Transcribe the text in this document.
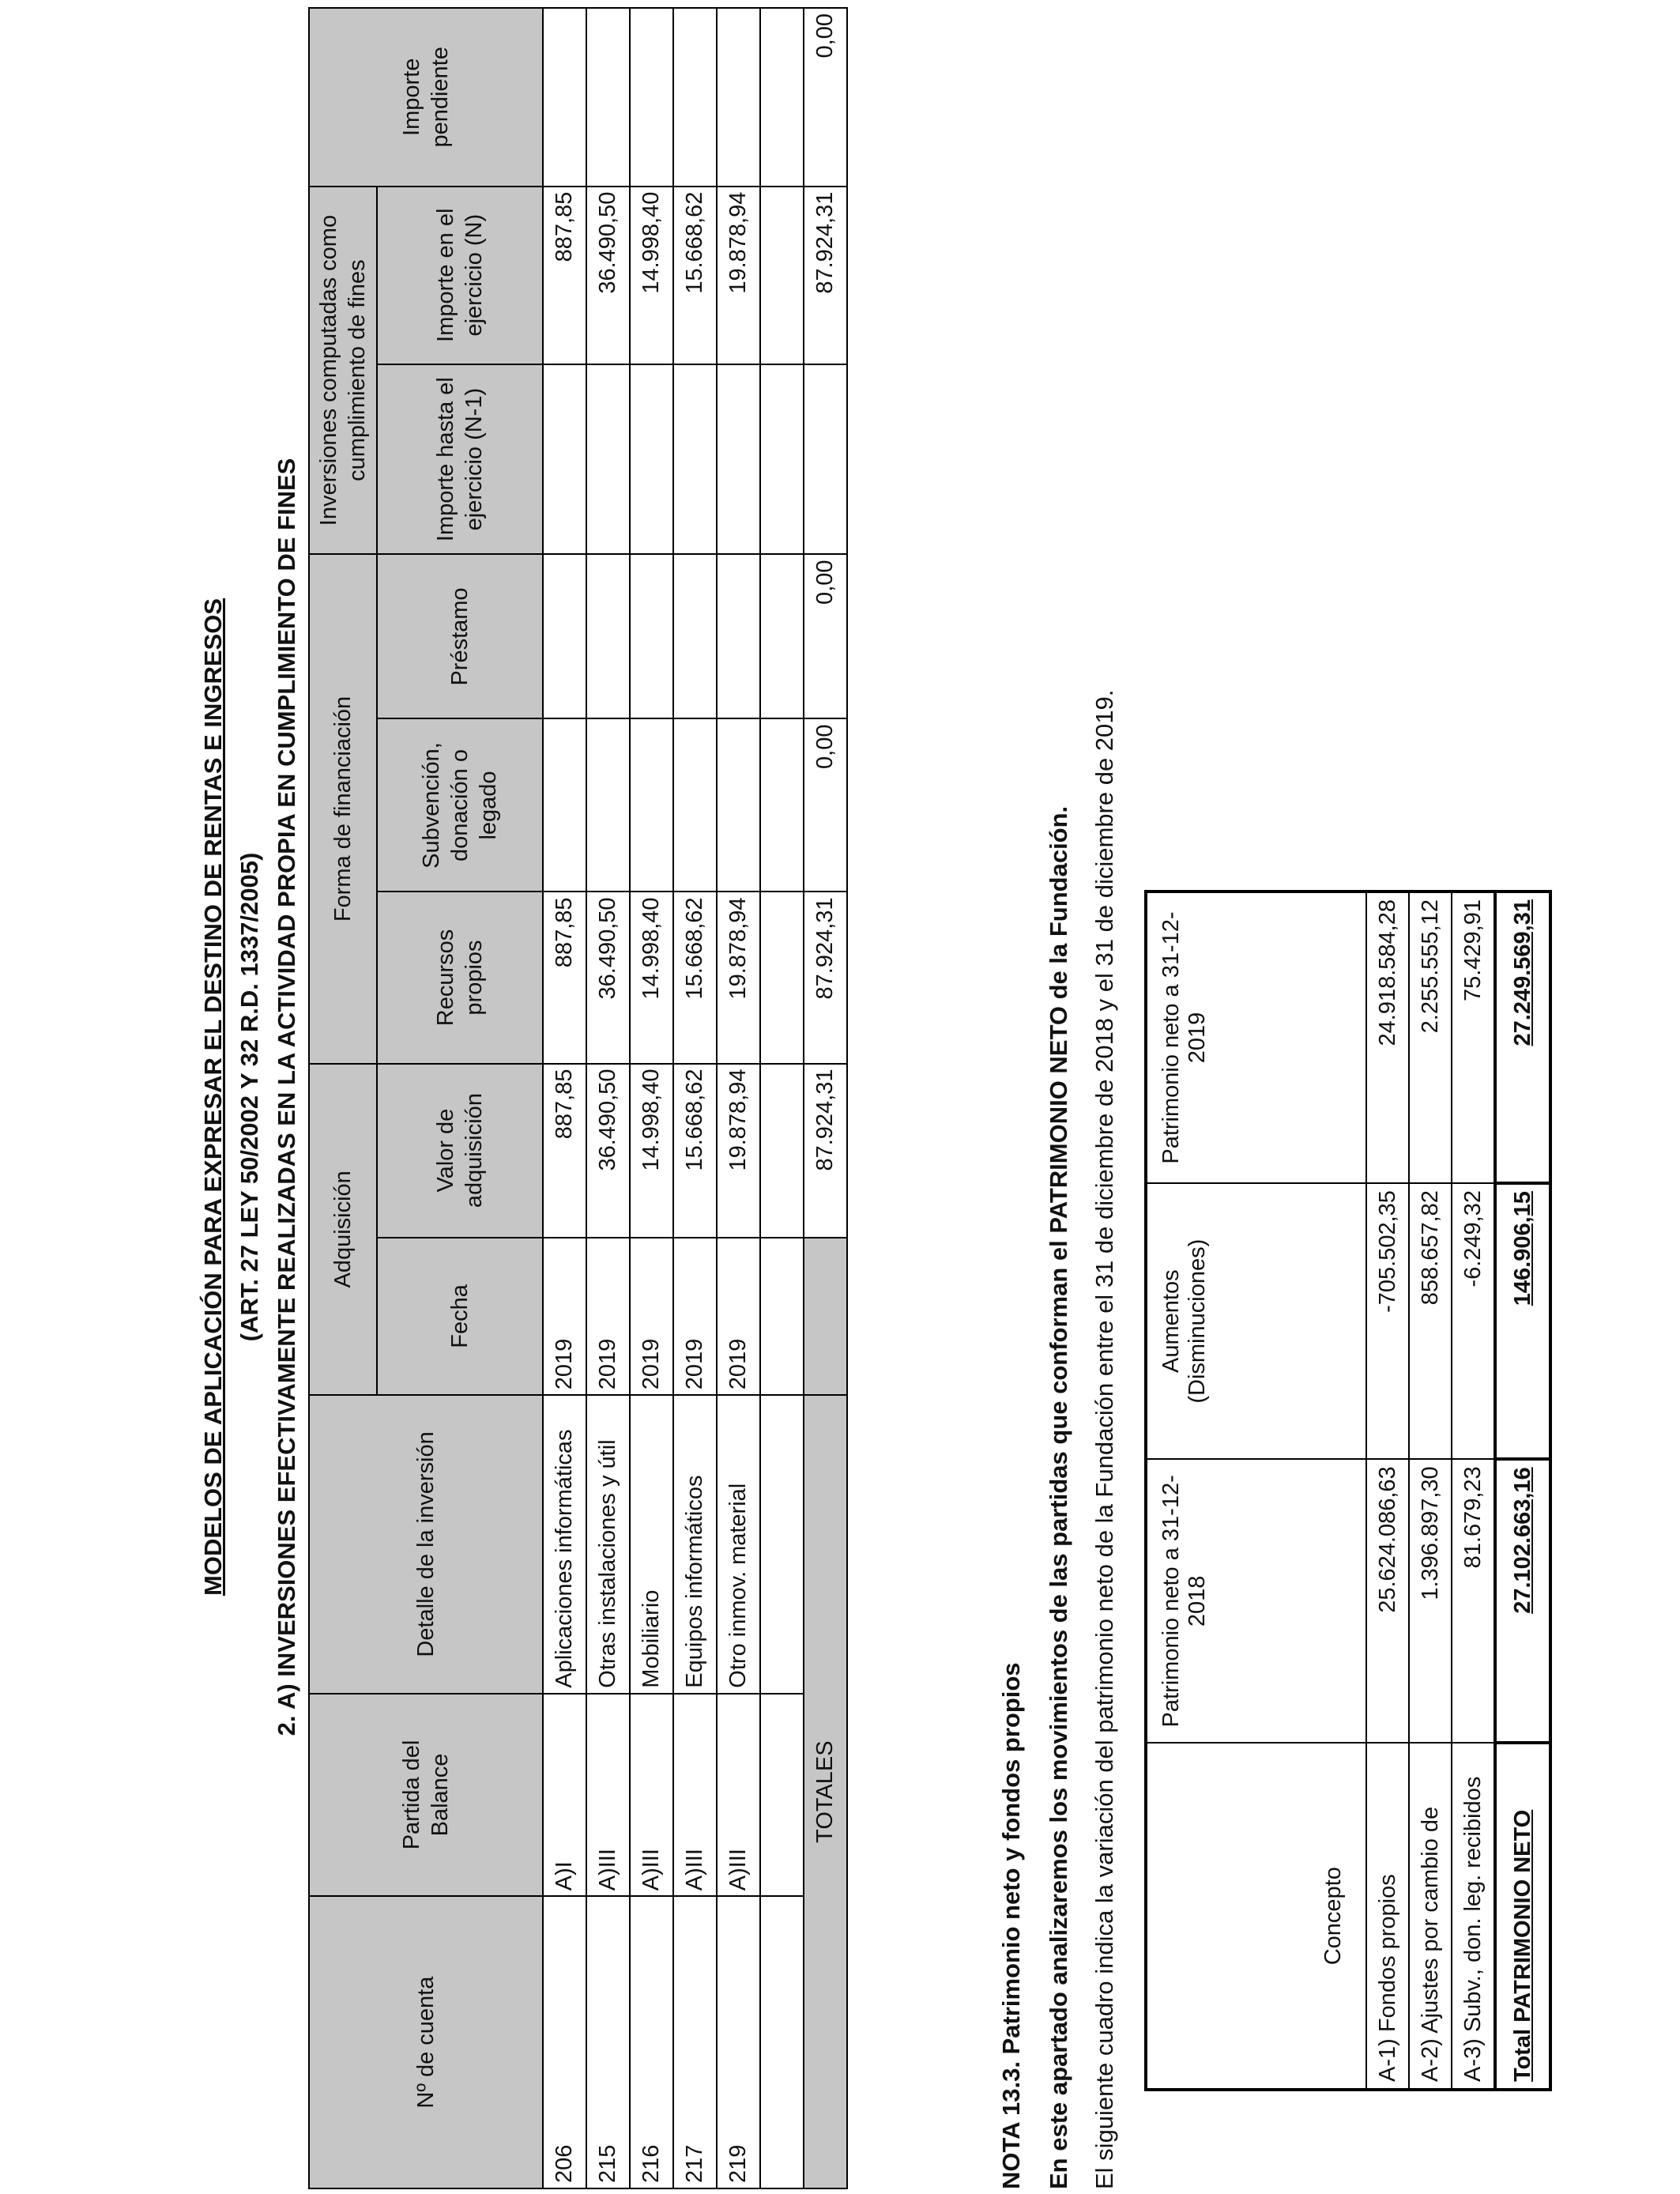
MODELOS DE APLICACIÓN PARA EXPRESAR EL DESTINO DE RENTAS E INGRESOS (ART. 27 LEY 50/2002 Y 32 R.D. 1337/2005) 2. A) INVERSIONES EFECTIVAMENTE REALIZADAS EN LA ACTIVIDAD PROPIA EN CUMPLIMIENTO DE FINES
Nº de cuenta	Partida del Balance	Detalle de la inversión	Adquisición		Forma de financiación			Inversiones computadas como cumplimiento de fines		Importe pendiente
			Fecha	Valor de adquisición	Recursos propios	Subvención, donación o legado	Préstamo	Importe hasta el ejercicio (N-1)	Importe en el ejercicio (N)	
206	A)I	Aplicaciones informáticas	2019	887,85	887,85				887,85	
215	A)III	Otras instalaciones y útil	2019	36.490,50	36.490,50				36.490,50	
216	A)III	Mobiliario	2019	14.998,40	14.998,40				14.998,40	
217	A)III	Equipos informáticos	2019	15.668,62	15.668,62				15.668,62	
219	A)III	Otro inmov. material	2019	19.878,94	19.878,94				19.878,94	

TOTALES				87.924,31	87.924,31	0,00	0,00		87.924,31	0,00
NOTA 13.3. Patrimonio neto y fondos propios En este apartado analizaremos los movimientos de las partidas que conforman el PATRIMONIO NETO de la Fundación. El siguiente cuadro indica la variación del patrimonio neto de la Fundación entre el 31 de diciembre de 2018 y el 31 de diciembre de 2019.	Concepto	Patrimonio neto a 31-12-2018	Aumentos (Disminuciones)	Patrimonio neto a 31-12-2019
A-1) Fondos propios	25.624.086,63	-705.502,35	24.918.584,28
A-2) Ajustes por cambio de	1.396.897,30	858.657,82	2.255.555,12
A-3) Subv., don. leg. recibidos	81.679,23	-6.249,32	75.429,91
Total PATRIMONIO NETO	27.102.663,16	146.906,15	27.249.569,31
